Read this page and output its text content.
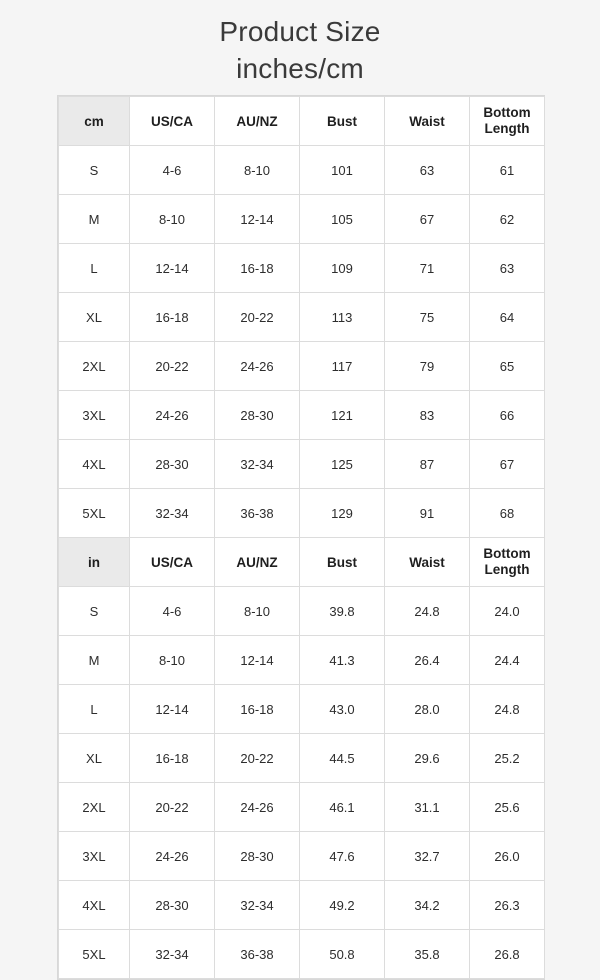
Product Size
inches/cm
cm	US/CA	AU/NZ	Bust	Waist	Bottom
Length

S	4-6	8-10	101	63	61
M	8-10	12-14	105	67	62
L	12-14	16-18	109	71	63
XL	16-18	20-22	113	75	64
2XL	20-22	24-26	117	79	65
3XL	24-26	28-30	121	83	66
4XL	28-30	32-34	125	87	67
5XL	32-34	36-38	129	91	68
in	US/CA	AU/NZ	Bust	Waist	Bottom
Length

S	4-6	8-10	39.8	24.8	24.0
M	8-10	12-14	41.3	26.4	24.4
L	12-14	16-18	43.0	28.0	24.8
XL	16-18	20-22	44.5	29.6	25.2
2XL	20-22	24-26	46.1	31.1	25.6
3XL	24-26	28-30	47.6	32.7	26.0
4XL	28-30	32-34	49.2	34.2	26.3
5XL	32-34	36-38	50.8	35.8	26.8
